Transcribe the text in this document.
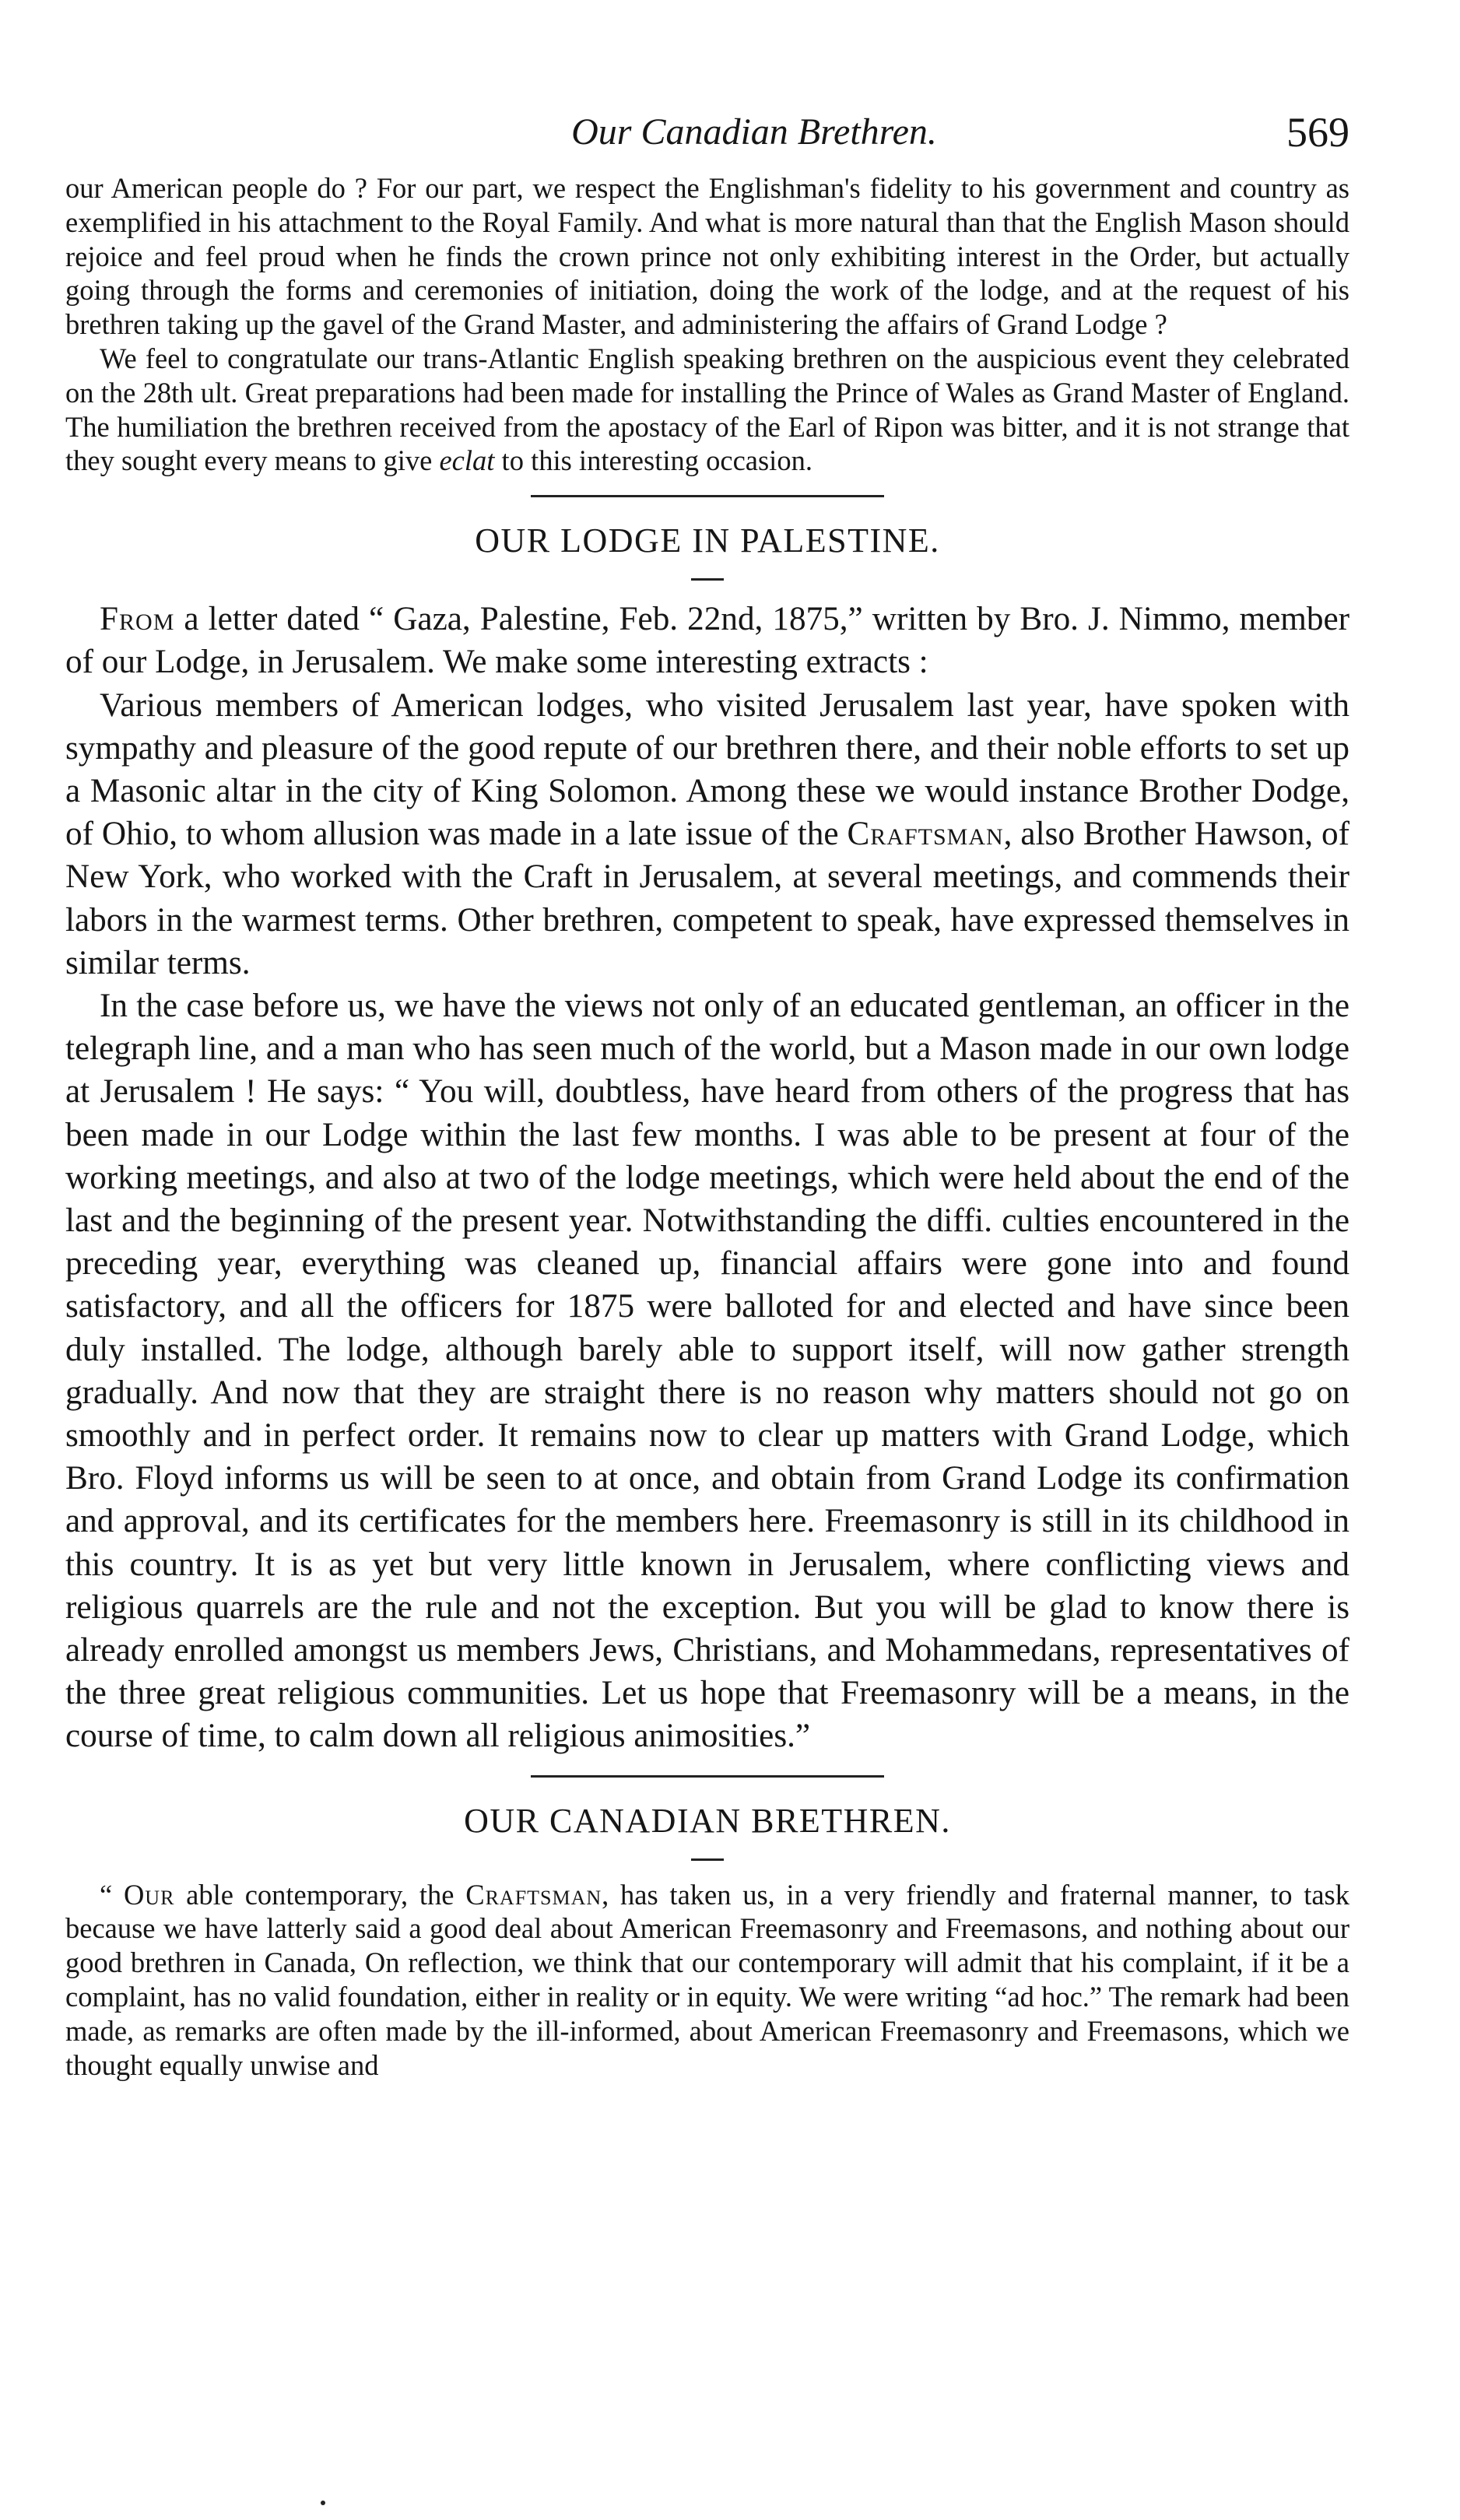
Our Canadian Brethren.	569

our American people do ? For our part, we respect the Englishman's fidelity to his government and country as exemplified in his attachment to the Royal Family. And what is more natural than that the English Mason should rejoice and feel proud when he finds the crown prince not only exhibiting interest in the Order, but actually going through the forms and ceremonies of initiation, doing the work of the lodge, and at the request of his brethren taking up the gavel of the Grand Master, and administering the affairs of Grand Lodge ?

We feel to congratulate our trans-Atlantic English speaking brethren on the auspicious event they celebrated on the 28th ult. Great preparations had been made for installing the Prince of Wales as Grand Master of England. The humiliation the brethren received from the apostacy of the Earl of Ripon was bitter, and it is not strange that they sought every means to give eclat to this interesting occasion.

OUR LODGE IN PALESTINE.

From a letter dated “ Gaza, Palestine, Feb. 22nd, 1875,” written by Bro. J. Nimmo, member of our Lodge, in Jerusalem. We make some interesting extracts :

Various members of American lodges, who visited Jerusalem last year, have spoken with sympathy and pleasure of the good repute of our brethren there, and their noble efforts to set up a Masonic altar in the city of King Solomon. Among these we would instance Brother Dodge, of Ohio, to whom allusion was made in a late issue of the Craftsman, also Brother Hawson, of New York, who worked with the Craft in Jerusalem, at several meetings, and commends their labors in the warmest terms. Other brethren, competent to speak, have expressed themselves in similar terms.

In the case before us, we have the views not only of an educated gentleman, an officer in the telegraph line, and a man who has seen much of the world, but a Mason made in our own lodge at Jerusalem ! He says: “ You will, doubtless, have heard from others of the progress that has been made in our Lodge within the last few months. I was able to be present at four of the working meetings, and also at two of the lodge meetings, which were held about the end of the last and the beginning of the present year. Notwithstanding the diffi. culties encountered in the preceding year, everything was cleaned up, financial affairs were gone into and found satisfactory, and all the officers for 1875 were balloted for and elected and have since been duly installed. The lodge, although barely able to support itself, will now gather strength gradually. And now that they are straight there is no reason why matters should not go on smoothly and in perfect order. It remains now to clear up matters with Grand Lodge, which Bro. Floyd informs us will be seen to at once, and obtain from Grand Lodge its confirmation and approval, and its certificates for the members here. Freemasonry is still in its childhood in this country. It is as yet but very little known in Jerusalem, where conflicting views and religious quarrels are the rule and not the exception. But you will be glad to know there is already enrolled amongst us members Jews, Christians, and Mohammedans, representatives of the three great religious communities. Let us hope that Freemasonry will be a means, in the course of time, to calm down all religious animosities.”

OUR CANADIAN BRETHREN.

“ Our able contemporary, the Craftsman, has taken us, in a very friendly and fraternal manner, to task because we have latterly said a good deal about American Freemasonry and Freemasons, and nothing about our good brethren in Canada, On reflection, we think that our contemporary will admit that his complaint, if it be a complaint, has no valid foundation, either in reality or in equity. We were writing “ad hoc.” The remark had been made, as remarks are often made by the ill-informed, about American Freemasonry and Freemasons, which we thought equally unwise and
